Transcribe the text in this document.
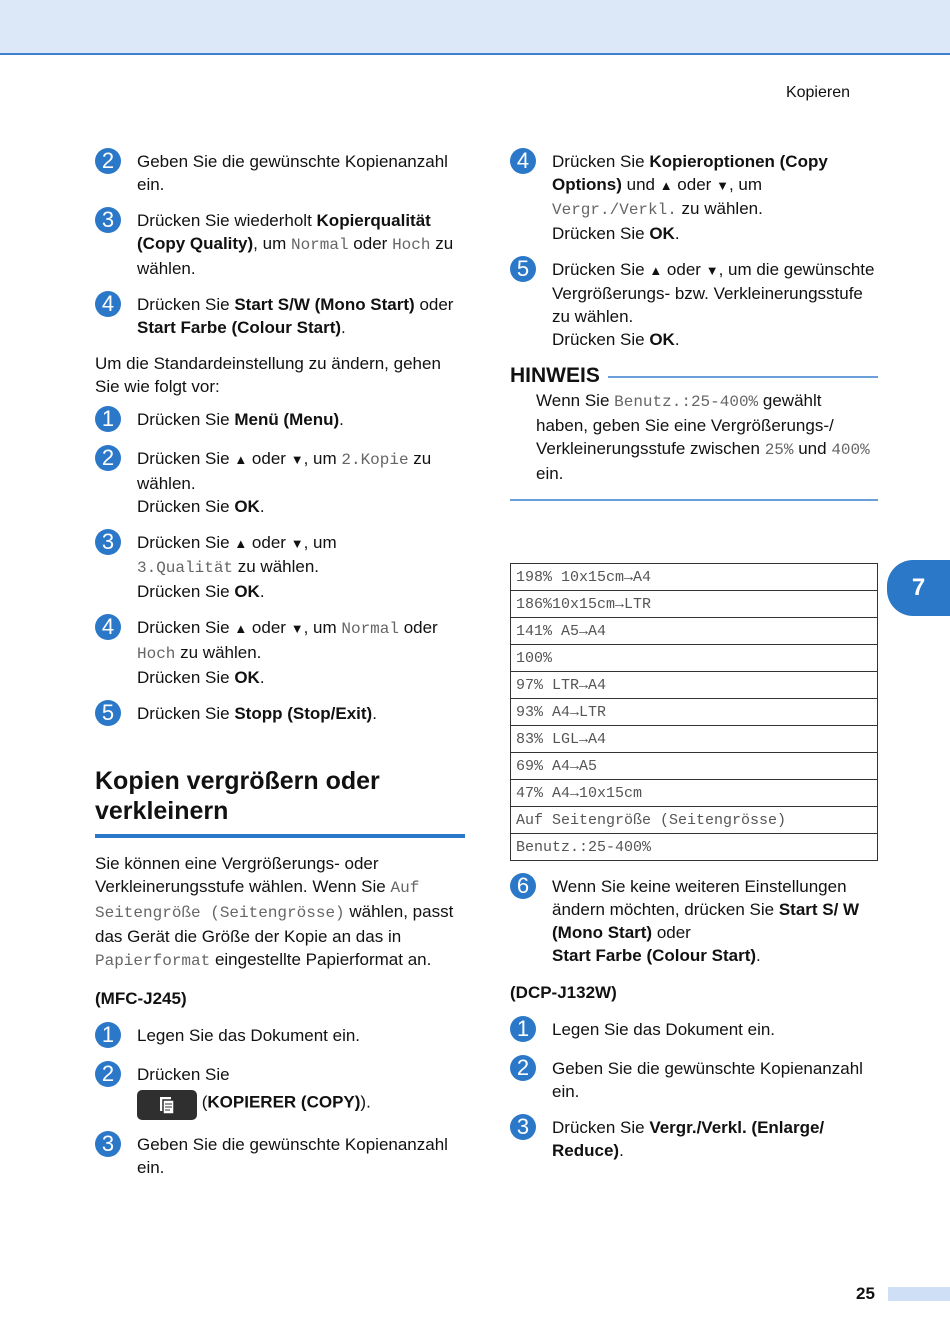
Kopieren
2	Geben Sie die gewünschte Kopienanzahl ein.
3	Drücken Sie wiederholt Kopierqualität (Copy Quality), um Normal oder Hoch zu wählen.
4	Drücken Sie Start S/W (Mono Start) oder Start Farbe (Colour Start).

Um die Standardeinstellung zu ändern, gehen Sie wie folgt vor:

1	Drücken Sie Menü (Menu).
2	Drücken Sie ▲ oder ▼, um 2.Kopie zu wählen.
Drücken Sie OK.
3	Drücken Sie ▲ oder ▼, um
3.Qualität zu wählen.
Drücken Sie OK.
4	Drücken Sie ▲ oder ▼, um Normal oder
Hoch zu wählen.
Drücken Sie OK.
5	Drücken Sie Stopp (Stop/Exit).
Kopien vergrößern oder verkleinern

Sie können eine Vergrößerungs- oder Verkleinerungsstufe wählen. Wenn Sie Auf Seitengröße (Seitengrösse) wählen, passt das Gerät die Größe der Kopie an das in Papierformat eingestellte Papierformat an.

(MFC-J245)
1	Legen Sie das Dokument ein.
2	Drücken Sie

(KOPIERER (COPY)).
3	Geben Sie die gewünschte Kopienanzahl ein.
4	Drücken Sie Kopieroptionen (Copy Options) und ▲ oder ▼, um
Vergr./Verkl. zu wählen.
Drücken Sie OK.
5	Drücken Sie ▲ oder ▼, um die gewünschte Vergrößerungs- bzw. Verkleinerungsstufe zu wählen.
Drücken Sie OK.
HINWEIS
Wenn Sie Benutz.:25-400% gewählt haben, geben Sie eine Vergrößerungs-/ Verkleinerungsstufe zwischen 25% und 400% ein.
198% 10x15cm→A4
186%10x15cm→LTR
141% A5→A4
100%
97% LTR→A4
93% A4→LTR
83% LGL→A4
69% A4→A5
47% A4→10x15cm
Auf Seitengröße (Seitengrösse)
Benutz.:25-400%
6	Wenn Sie keine weiteren Einstellungen ändern möchten, drücken Sie Start S/ W (Mono Start) oder
Start Farbe (Colour Start).
(DCP-J132W)
1	Legen Sie das Dokument ein.
2	Geben Sie die gewünschte Kopienanzahl ein.
3	Drücken Sie Vergr./Verkl. (Enlarge/ Reduce).
7
25
